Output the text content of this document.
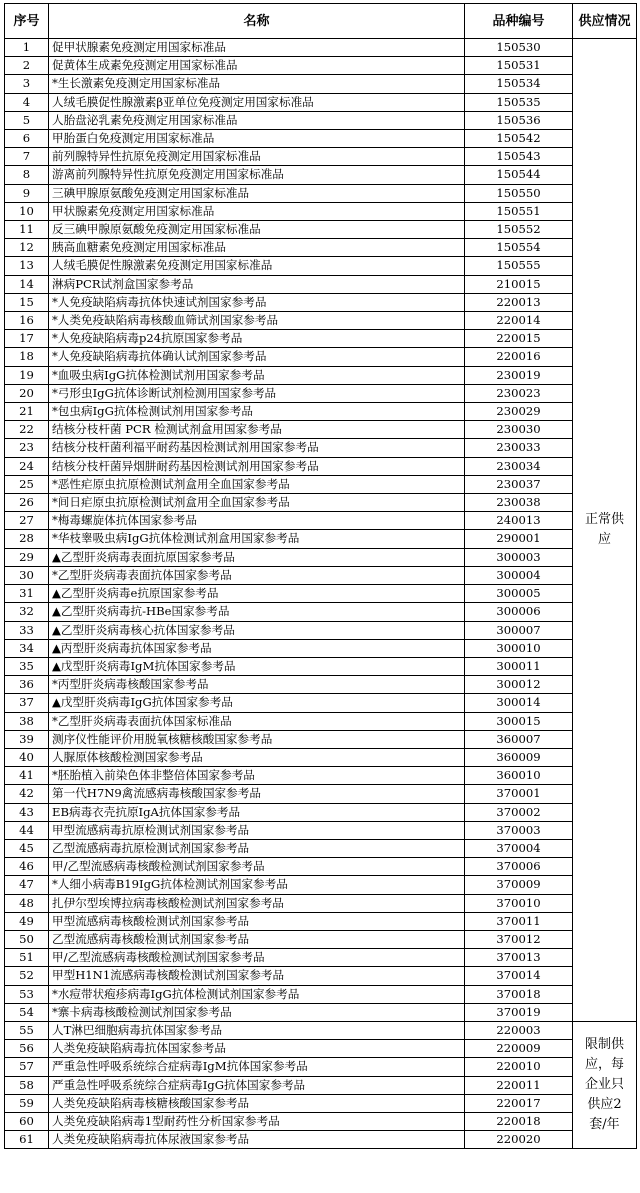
序号	名称	品种编号	供应情况
1	促甲状腺素免疫测定用国家标准品	150530	正常供应
2	促黄体生成素免疫测定用国家标准品	150531	
3	*生长激素免疫测定用国家标准品	150534	
4	人绒毛膜促性腺激素β亚单位免疫测定用国家标准品	150535	
5	人胎盘泌乳素免疫测定用国家标准品	150536	
6	甲胎蛋白免疫测定用国家标准品	150542	
7	前列腺特异性抗原免疫测定用国家标准品	150543	
8	游离前列腺特异性抗原免疫测定用国家标准品	150544	
9	三碘甲腺原氨酸免疫测定用国家标准品	150550	
10	甲状腺素免疫测定用国家标准品	150551	
11	反三碘甲腺原氨酸免疫测定用国家标准品	150552	
12	胰高血糖素免疫测定用国家标准品	150554	
13	人绒毛膜促性腺激素免疫测定用国家标准品	150555	
14	淋病PCR试剂盒国家参考品	210015	
15	*人免疫缺陷病毒抗体快速试剂国家参考品	220013	
16	*人类免疫缺陷病毒核酸血筛试剂国家参考品	220014	
17	*人免疫缺陷病毒p24抗原国家参考品	220015	
18	*人免疫缺陷病毒抗体确认试剂国家参考品	220016	
19	*血吸虫病IgG抗体检测试剂用国家参考品	230019	
20	*弓形虫IgG抗体诊断试剂检测用国家参考品	230023	
21	*包虫病IgG抗体检测试剂用国家参考品	230029	
22	结核分枝杆菌 PCR 检测试剂盒用国家参考品	230030	
23	结核分枝杆菌利福平耐药基因检测试剂用国家参考品	230033	
24	结核分枝杆菌异烟肼耐药基因检测试剂用国家参考品	230034	
25	*恶性疟原虫抗原检测试剂盒用全血国家参考品	230037	
26	*间日疟原虫抗原检测试剂盒用全血国家参考品	230038	
27	*梅毒螺旋体抗体国家参考品	240013	
28	*华枝睾吸虫病IgG抗体检测试剂盒用国家参考品	290001	
29	▲乙型肝炎病毒表面抗原国家参考品	300003	
30	*乙型肝炎病毒表面抗体国家参考品	300004	
31	▲乙型肝炎病毒e抗原国家参考品	300005	
32	▲乙型肝炎病毒抗-HBe国家参考品	300006	
33	▲乙型肝炎病毒核心抗体国家参考品	300007	
34	▲丙型肝炎病毒抗体国家参考品	300010	
35	▲戊型肝炎病毒IgM抗体国家参考品	300011	
36	*丙型肝炎病毒核酸国家参考品	300012	
37	▲戊型肝炎病毒IgG抗体国家参考品	300014	
38	*乙型肝炎病毒表面抗体国家标准品	300015	
39	测序仪性能评价用脱氧核糖核酸国家参考品	360007	
40	人脲原体核酸检测国家参考品	360009	
41	*胚胎植入前染色体非整倍体国家参考品	360010	
42	第一代H7N9禽流感病毒核酸国家参考品	370001	
43	EB病毒衣壳抗原IgA抗体国家参考品	370002	
44	甲型流感病毒抗原检测试剂国家参考品	370003	
45	乙型流感病毒抗原检测试剂国家参考品	370004	
46	甲/乙型流感病毒核酸检测试剂国家参考品	370006	
47	*人细小病毒B19IgG抗体检测试剂国家参考品	370009	
48	扎伊尔型埃博拉病毒核酸检测试剂国家参考品	370010	
49	甲型流感病毒核酸检测试剂国家参考品	370011	
50	乙型流感病毒核酸检测试剂国家参考品	370012	
51	甲/乙型流感病毒核酸检测试剂国家参考品	370013	
52	甲型H1N1流感病毒核酸检测试剂国家参考品	370014	
53	*水痘带状疱疹病毒IgG抗体检测试剂国家参考品	370018	
54	*寨卡病毒核酸检测试剂国家参考品	370019	
55	人T淋巴细胞病毒抗体国家参考品	220003	限制供应，每企业只供应2套/年
56	人类免疫缺陷病毒抗体国家参考品	220009	
57	严重急性呼吸系统综合症病毒IgM抗体国家参考品	220010	
58	严重急性呼吸系统综合症病毒IgG抗体国家参考品	220011	
59	人类免疫缺陷病毒核糖核酸国家参考品	220017	
60	人类免疫缺陷病毒1型耐药性分析国家参考品	220018	
61	人类免疫缺陷病毒抗体尿液国家参考品	220020	
